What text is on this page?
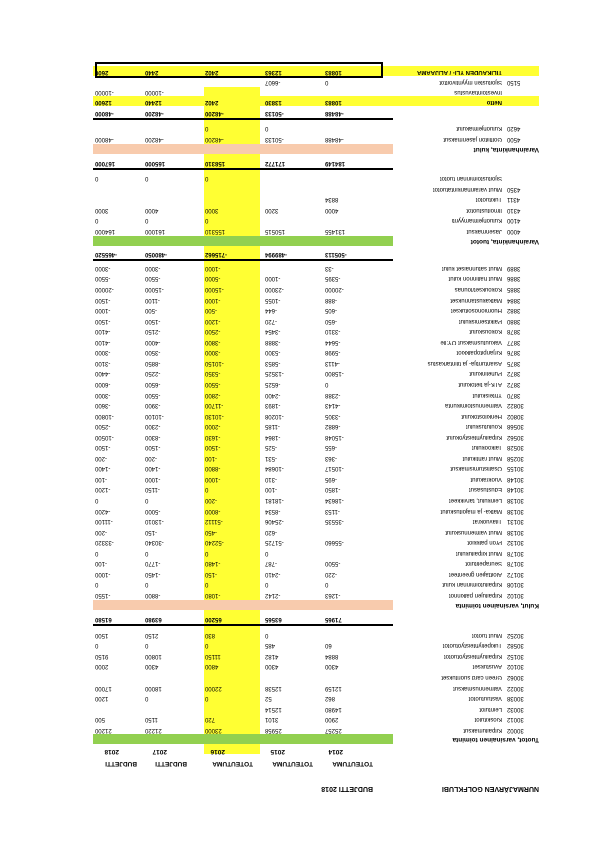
NURMAJÄRVEN GOLFKLUBI
BUDJETTI 2018
TOTEUTUMA
TOTEUTUMA
TOTEUTUMA
BUDJETTI
BUDJETTI
2014
2015
2016
2017
2018
Tuotot, varsinainen toiminta
30002
Kilpailumaksut
25257
25958
23000
21220
21200
30012
Kioskitulot
2900
3101
720
1150
500
30032
Leiritulot
14980
12514
30038
Vastuutuotot
862
52
0
0
1200
30022
Valmennusmaksut
12159
12538
22000
18000
17000
30062
Green card suoritukset
30102
Avustukset
4300
4300
4800
4300
2000
30152
Kilpailuyhteistyötuotot
8884
4182
11150
10800
9150
30582
Tukipeliyhteistyötuotot
60
485
0
0
0
30252
Muut tuotot
0
830
2150
1500
71965
63565
65200
63980
61580
Kulut, varsinainen toiminta
30102
Kilpailujen palkinnot
-1263
-2142
-1080
-8800
-1550
30108
Kilpailutoiminnan kulut
0
0
0
0
0
30172
Aloittajien greenfeet
-220
-2410
-150
-1450
-1000
30178
Seurapelitulot
-5500
-787
-1480
-1770
-100
30178
Muut kilpailukulut
0
0
0
0
30132
Pron palkkiot
-55660
-51725
-52240
-30340
-33320
30138
Muut valmennuskulut
-620
-450
-150
-200
30131
Tilavuokrat
-35535
-25406
-51112
-13010
-11100
30138
Matka- ja majoituskulut
-1153
-8534
-8000
-5000
-4200
30138
Leirikulut, tarvikkeet
-18634
-18181
-200
0
0
30148
Edustusasut
-1850
-100
0
-1150
-1200
30148
Vuokrakulut
-695
-310
-1000
-1000
-100
30155
Osallistumismaksut
-10517
-10684
-8800
-1400
-1400
30258
Muut rahtikulut
-363
-531
-100
-200
-200
30528
Talkookulut
-655
-525
-1500
-1500
-1500
30562
Kilpailuyhteistyökulut
-15048
-1864
-1630
-8300
-10500
30568
Koulutuskulut
-6882
-1185
-2000
-2300
-2500
30802
Henkilöstökulut
-3305
-10208
-10130
-10100
-10800
30822
Valmennustoimikunta
-4143
-1893
-11700
-3900
-3600
3870
Yhteiskulut
-2388
-2400
-2800
-5500
-3000
3872
ATK-ja tietokulut
0
-6525
-5500
-6500
-6000
3872
Puhelinkulut
-15800
-13525
-5350
-2250
-4400
3875
Asiantuntija- ja tilintarkastus
-4113
-5853
-10150
-8850
-3100
3876
Kirjanpitopalkkiot
-5998
-5300
-3000
-3500
-3000
3877
Vakuutusmaksut OY:lle
-5644
-3888
-3800
-4000
-4100
3878
Kokouskulut
-3310
-3454
-2500
-2150
-4100
3880
Palkitsemiskulut
-650
-720
-1200
-1500
-1500
3882
Huomionosoitukset
-605
-644
-500
-500
-1000
3884
Matkakustannukset
-888
-1055
-1000
-1100
-1500
3885
Kokoukset/lounas
-20000
-23000
-15000
-15000
-20000
3886
Muut hallinnon kulut
-5395
-1000
-5000
-5500
-5500
3889
Muut satunnaiset kulut
-33
-1000
-3000
-3000
-505113
-489994
-715662
-480050
-465520
Varainhankinta, tuotot
4000
Jäsenmaksut
131455
150515
155310
161000
164000
4100
Kuluohjelmamyynti
0
0
0
4310
Ilmoitustuotot
4000
3200
3000
4000
3000
4311
Tukituotot
8834
4350
Muut varainhankintatuotot
Sijoitustoiminnan tuotot
0
0
0
184149
171772
158310
165000
167000
Varainhankinta, kulut
4500
Golfliiton jäsenmaksut
-48488
-50133
-48200
-48200
-48000
4620
Kuluohjelmakulut
0
0
-48488
-50133
-48200
-48200
-48000
Netto
10883
13830
2402
12440
12600
Investointiavustus
-10000
-10000
5150
Sijoitusten myyntivoittot
0
-6607
TILIKAUDEN YLI- / ALIJÄÄMÄ
10883
12363
2402
2440
2600
